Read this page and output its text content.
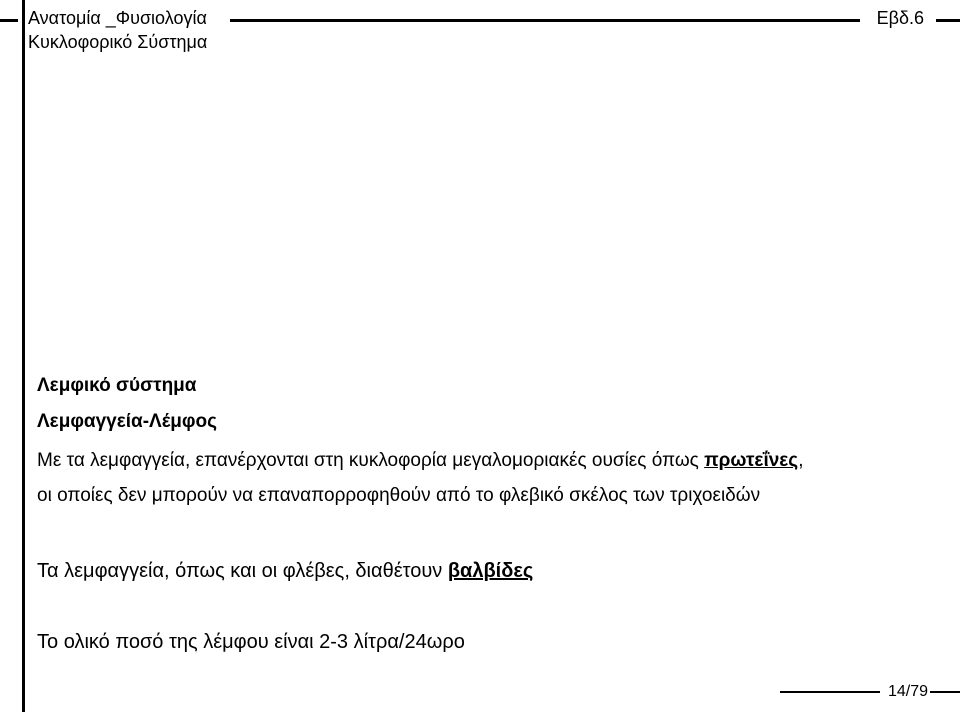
Ανατομία _Φυσιολογία
Κυκλοφορικό Σύστημα
Εβδ.6
Λεμφικό σύστημα
Λεμφαγγεία-Λέμφος
Με τα λεμφαγγεία, επανέρχονται στη κυκλοφορία μεγαλομοριακές ουσίες όπως πρωτεΐνες,
οι οποίες δεν μπορούν να επαναπορροφηθούν από το φλεβικό σκέλος των τριχοειδών
Τα λεμφαγγεία, όπως και οι φλέβες, διαθέτουν βαλβίδες
Το ολικό ποσό της λέμφου είναι 2-3 λίτρα/24ωρο
14/79
